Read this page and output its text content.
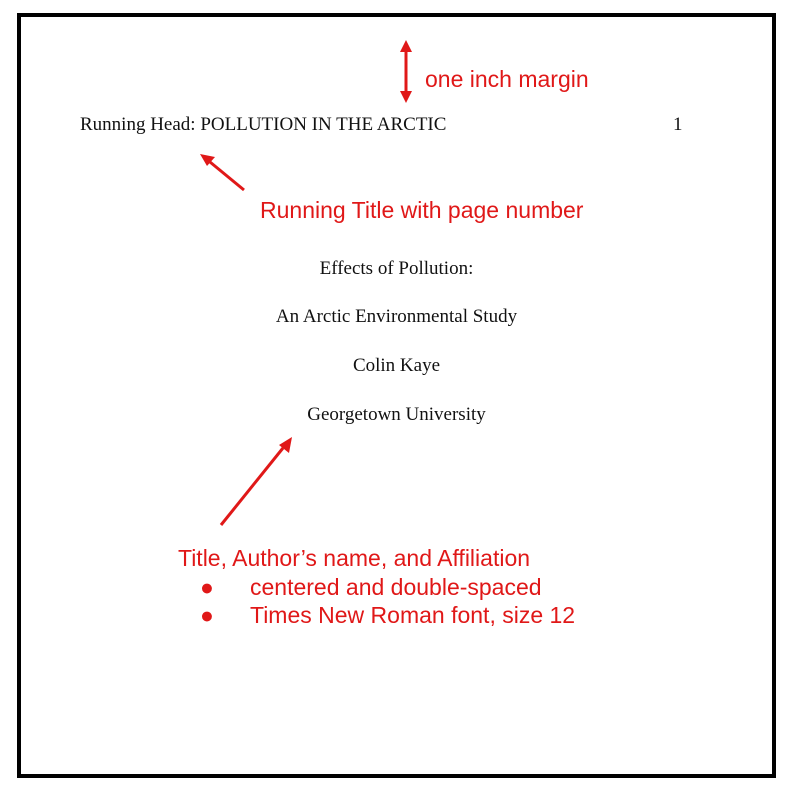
Running Head: POLLUTION IN THE ARCTIC	1
Effects of Pollution:
An Arctic Environmental Study
Colin Kaye
Georgetown University
one inch margin
Running Title with page number
Title, Author’s name, and Affiliation
● centered and double-spaced
● Times New Roman font, size 12
